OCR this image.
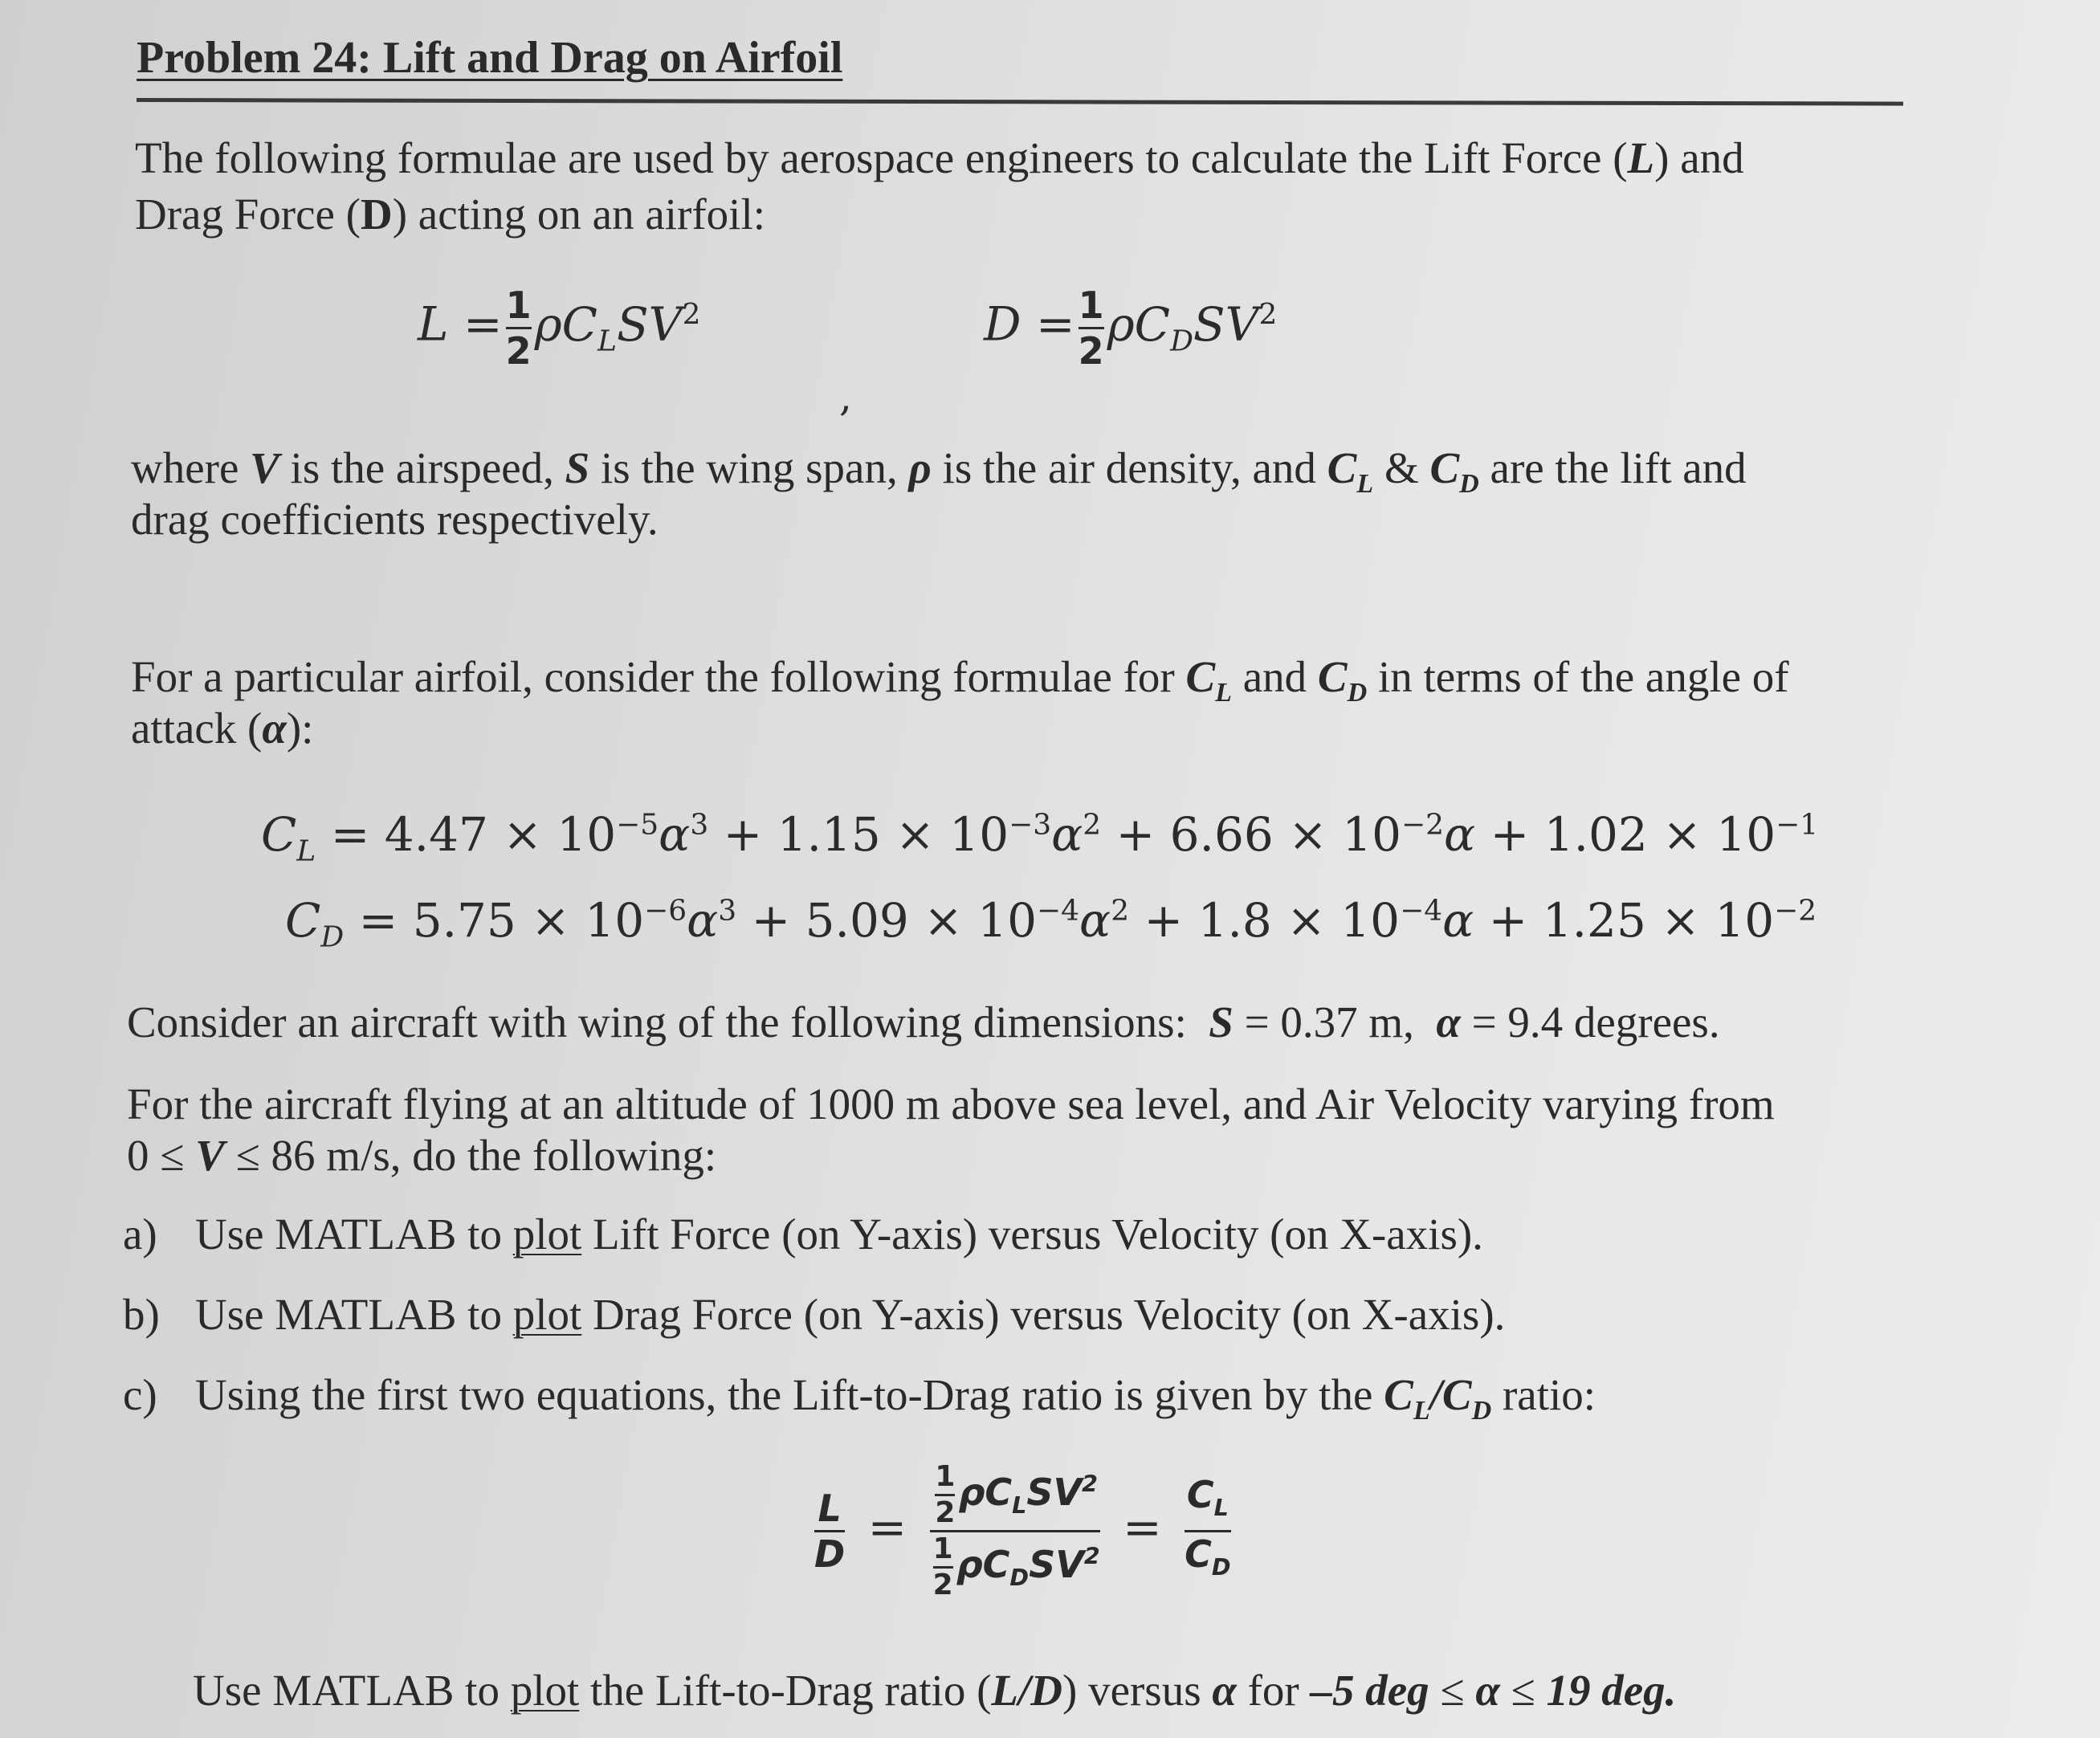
Problem 24: Lift and Drag on Airfoil
The following formulae are used by aerospace engineers to calculate the Lift Force (L) and
Drag Force (D) acting on an airfoil:
$L = \frac{1}{2} \rho C_LSV^2$
,
$D = \frac{1}{2} \rho C_DSV^2$
where V is the airspeed, S is the wing span, ρ is the air density, and $C_L$ & $C_D$ are the lift and
drag coefficients respectively.
For a particular airfoil, consider the following formulae for $C_L$ and $C_D$ in terms of the angle of
attack (α):
$C_L = 4.47 \times 10^{-5}\alpha^3 + 1.15 \times 10^{-3}\alpha^2 + 6.66 \times 10^{-2}\alpha + 1.02 \times 10^{-1}$
$C_D = 5.75 \times 10^{-6}\alpha^3 + 5.09 \times 10^{-4}\alpha^2 + 1.8 \times 10^{-4}\alpha + 1.25 \times 10^{-2}$
Consider an aircraft with wing of the following dimensions:  S = 0.37 m,  α = 9.4 degrees.
For the aircraft flying at an altitude of 1000 m above sea level, and Air Velocity varying from
0 ≤ V ≤ 86 m/s, do the following:
a) Use MATLAB to plot Lift Force (on Y-axis) versus Velocity (on X-axis).
b) Use MATLAB to plot Drag Force (on Y-axis) versus Velocity (on X-axis).
c) Using the first two equations, the Lift-to-Drag ratio is given by the $C_L/C_D$ ratio:
$\frac{L}{D} = \frac{\frac{1}{2} \rho C_LSV^2}{\frac{1}{2} \rho C_DSV^2} = \frac{C_L}{C_D}$
Use MATLAB to plot the Lift-to-Drag ratio (L/D) versus α for –5 deg ≤ α ≤ 19 deg.
